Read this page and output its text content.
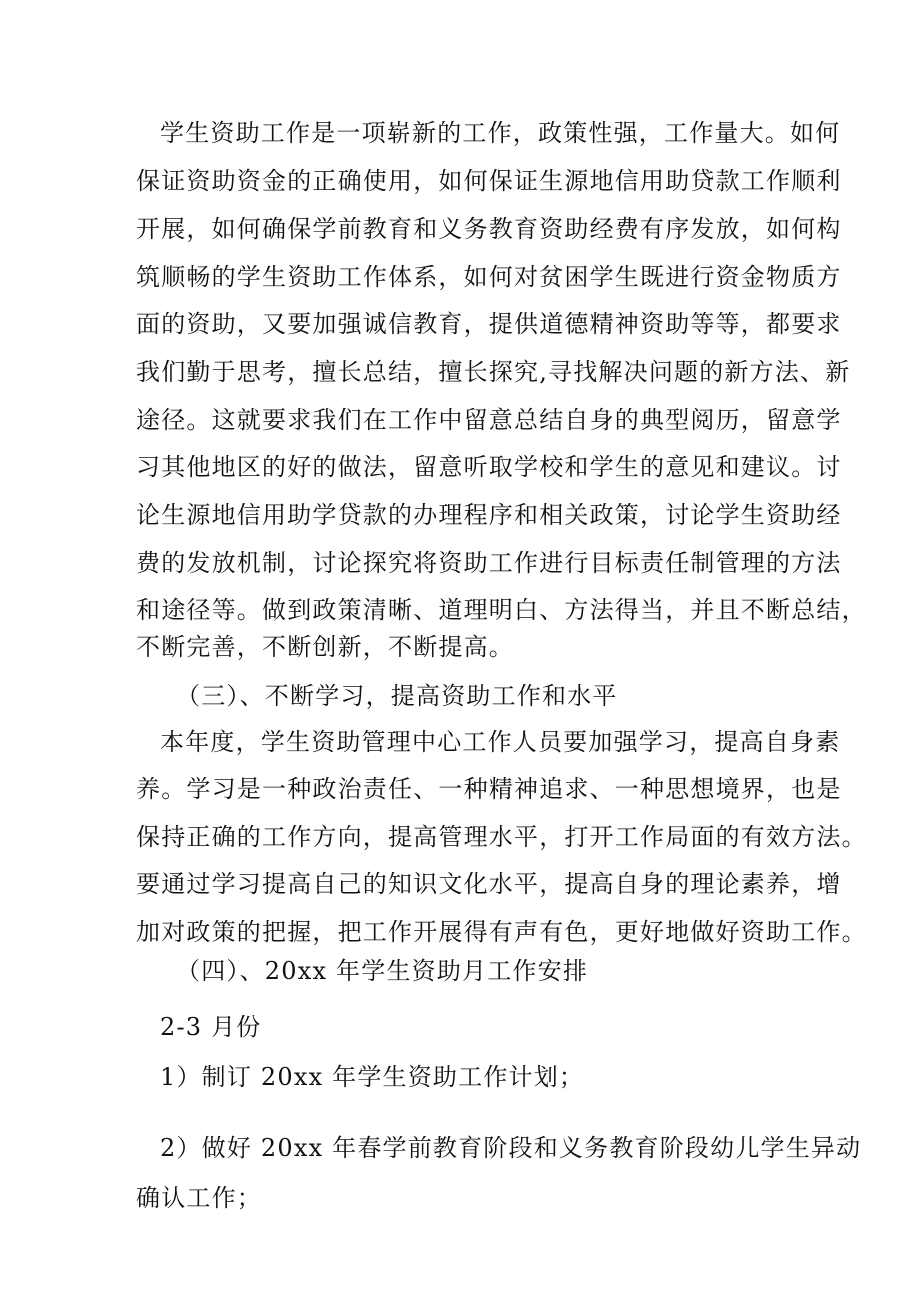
学生资助工作是一项崭新的工作，政策性强，工作量大。如何
保证资助资金的正确使用，如何保证生源地信用助贷款工作顺利
开展，如何确保学前教育和义务教育资助经费有序发放，如何构
筑顺畅的学生资助工作体系，如何对贫困学生既进行资金物质方
面的资助，又要加强诚信教育，提供道德精神资助等等，都要求
我们勤于思考，擅长总结，擅长探究,寻找解决问题的新方法、新
途径。这就要求我们在工作中留意总结自身的典型阅历，留意学
习其他地区的好的做法，留意听取学校和学生的意见和建议。讨
论生源地信用助学贷款的办理程序和相关政策，讨论学生资助经
费的发放机制，讨论探究将资助工作进行目标责任制管理的方法
和途径等。做到政策清晰、道理明白、方法得当，并且不断总结，
不断完善，不断创新，不断提高。
（三）、不断学习，提高资助工作和水平
本年度，学生资助管理中心工作人员要加强学习，提高自身素
养。学习是一种政治责任、一种精神追求、一种思想境界，也是
保持正确的工作方向，提高管理水平，打开工作局面的有效方法。
要通过学习提高自己的知识文化水平，提高自身的理论素养，增
加对政策的把握，把工作开展得有声有色，更好地做好资助工作。
（四）、20xx 年学生资助月工作安排
2-3 月份
1）制订 20xx 年学生资助工作计划；
2）做好 20xx 年春学前教育阶段和义务教育阶段幼儿学生异动
确认工作；
